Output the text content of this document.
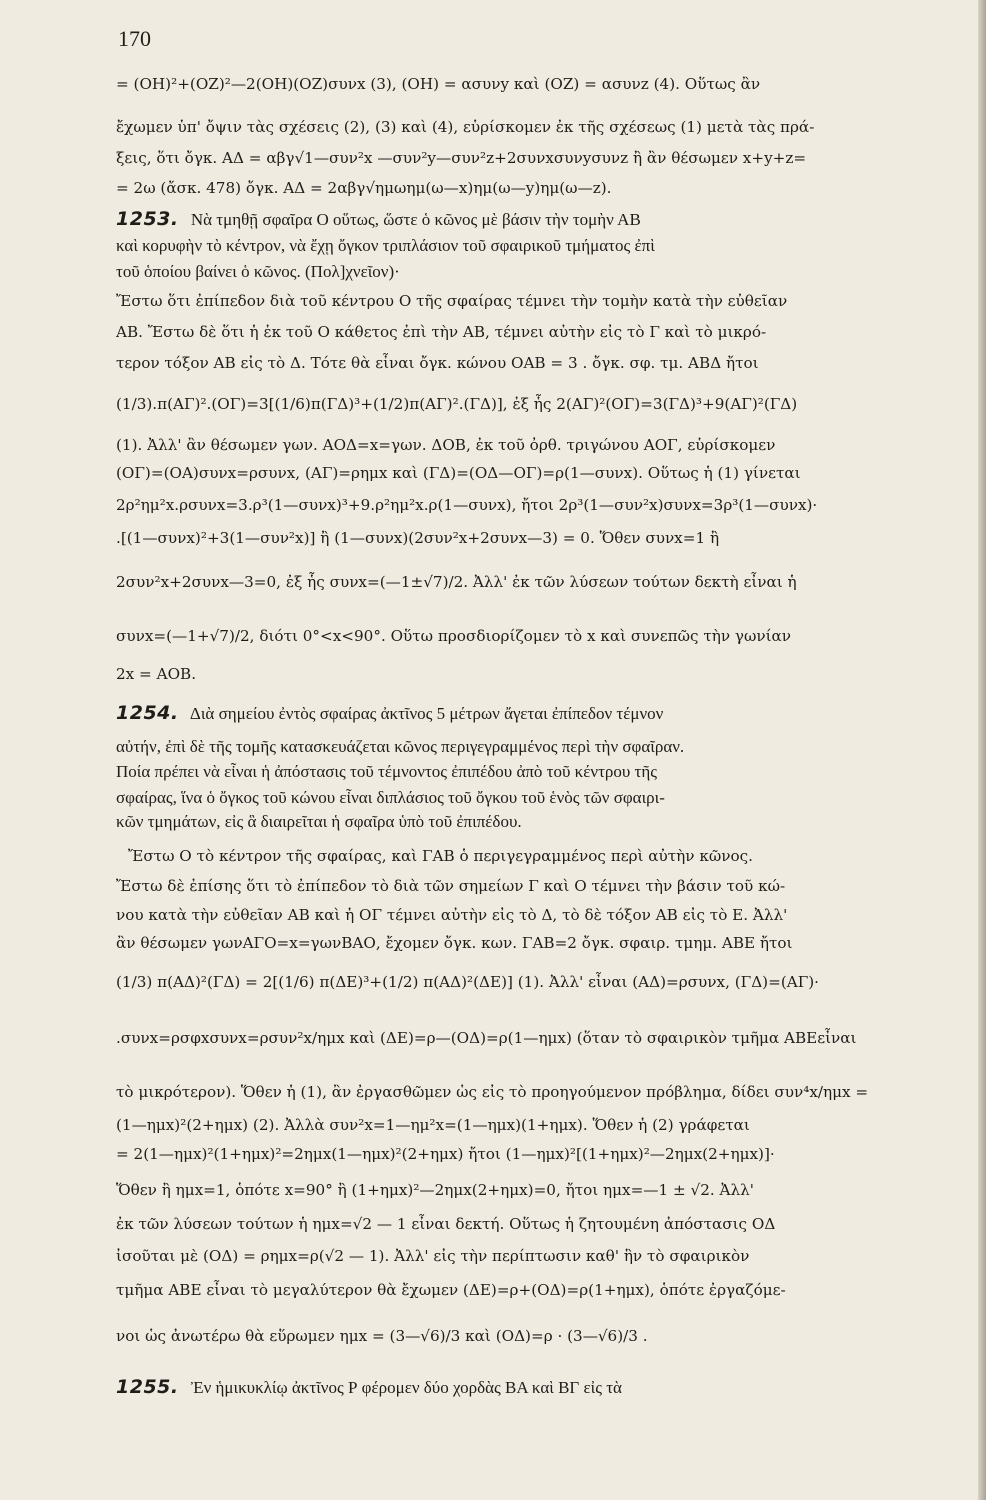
170
= (ΟΗ)²+(ΟΖ)²—2(ΟΗ)(ΟΖ)συνx (3), (ΟΗ) = ασυνy καὶ (ΟΖ) = ασυνz (4). Οὕτως ἂν
ἔχωμεν ὑπ' ὄψιν τὰς σχέσεις (2), (3) καὶ (4), εὑρίσκομεν ἐκ τῆς σχέσεως (1) μετὰ τὰς πρά-
ξεις, ὅτι ὄγκ. ΑΔ = αβγ√1—συν²x —συν²y—συν²z+2συνxσυνyσυνz ἢ ἂν θέσωμεν x+y+z=
= 2ω (ἄσκ. 478) ὄγκ. ΑΔ = 2αβγ√ημωημ(ω—x)ημ(ω—y)ημ(ω—z).
1253. Νὰ τμηθῇ σφαῖρα Ο οὕτως, ὥστε ὁ κῶνος μὲ βάσιν τὴν τομὴν ΑΒ
καὶ κορυφὴν τὸ κέντρον, νὰ ἔχῃ ὄγκον τριπλάσιον τοῦ σφαιρικοῦ τμήματος ἐπὶ
τοῦ ὁποίου βαίνει ὁ κῶνος. (Πολ]χνεῖον)·
Ἔστω ὅτι ἐπίπεδον διὰ τοῦ κέντρου Ο τῆς σφαίρας τέμνει τὴν τομὴν κατὰ τὴν εὐθεῖαν
ΑΒ. Ἔστω δὲ ὅτι ἡ ἐκ τοῦ Ο κάθετος ἐπὶ τὴν ΑΒ, τέμνει αὐτὴν εἰς τὸ Γ καὶ τὸ μικρό-
τερον τόξον ΑΒ εἰς τὸ Δ. Τότε θὰ εἶναι ὄγκ. κώνου ΟΑΒ = 3 . ὄγκ. σφ. τμ. ΑΒΔ ἤτοι
(1/3).π(ΑΓ)².(ΟΓ)=3[(1/6)π(ΓΔ)³+(1/2)π(ΑΓ)².(ΓΔ)], ἐξ ἧς 2(ΑΓ)²(ΟΓ)=3(ΓΔ)³+9(ΑΓ)²(ΓΔ)
(1). Ἀλλ' ἂν θέσωμεν γων. ΑΟΔ=x=γων. ΔΟΒ, ἐκ τοῦ ὀρθ. τριγώνου ΑΟΓ, εὑρίσκομεν
(ΟΓ)=(ΟΑ)συνx=ρσυνx, (ΑΓ)=ρημx καὶ (ΓΔ)=(ΟΔ—ΟΓ)=ρ(1—συνx). Οὕτως ἡ (1) γίνεται
2ρ²ημ²x.ρσυνx=3.ρ³(1—συνx)³+9.ρ²ημ²x.ρ(1—συνx), ἤτοι 2ρ³(1—συν²x)συνx=3ρ³(1—συνx)·
.[(1—συνx)²+3(1—συν²x)] ἢ (1—συνx)(2συν²x+2συνx—3) = 0. Ὅθεν συνx=1 ἢ
2συν²x+2συνx—3=0, ἐξ ἧς συνx=(—1±√7)/2. Ἀλλ' ἐκ τῶν λύσεων τούτων δεκτὴ εἶναι ἡ
συνx=(—1+√7)/2, διότι 0°<x<90°. Οὕτω προσδιορίζομεν τὸ x καὶ συνεπῶς τὴν γωνίαν
2x = ΑΟΒ.
1254. Διὰ σημείου ἐντὸς σφαίρας ἀκτῖνος 5 μέτρων ἄγεται ἐπίπεδον τέμνον
αὐτήν, ἐπὶ δὲ τῆς τομῆς κατασκευάζεται κῶνος περιγεγραμμένος περὶ τὴν σφαῖραν.
Ποία πρέπει νὰ εἶναι ἡ ἀπόστασις τοῦ τέμνοντος ἐπιπέδου ἀπὸ τοῦ κέντρου τῆς
σφαίρας, ἵνα ὁ ὄγκος τοῦ κώνου εἶναι διπλάσιος τοῦ ὄγκου τοῦ ἑνὸς τῶν σφαιρι-
κῶν τμημάτων, εἰς ἃ διαιρεῖται ἡ σφαῖρα ὑπὸ τοῦ ἐπιπέδου.
Ἔστω Ο τὸ κέντρον τῆς σφαίρας, καὶ ΓΑΒ ὁ περιγεγραμμένος περὶ αὐτὴν κῶνος.
Ἔστω δὲ ἐπίσης ὅτι τὸ ἐπίπεδον τὸ διὰ τῶν σημείων Γ καὶ Ο τέμνει τὴν βάσιν τοῦ κώ-
νου κατὰ τὴν εὐθεῖαν ΑΒ καὶ ἡ ΟΓ τέμνει αὐτὴν εἰς τὸ Δ, τὸ δὲ τόξον ΑΒ εἰς τὸ Ε. Ἀλλ'
ἂν θέσωμεν γωνΑΓΟ=x=γωνΒΑΟ, ἔχομεν ὄγκ. κων. ΓΑΒ=2 ὄγκ. σφαιρ. τμημ. ΑΒΕ ἤτοι
(1/3) π(ΑΔ)²(ΓΔ) = 2[(1/6) π(ΔΕ)³+(1/2) π(ΑΔ)²(ΔΕ)] (1). Ἀλλ' εἶναι (ΑΔ)=ρσυνx, (ΓΔ)=(ΑΓ)·
.συνx=ρσφxσυνx=ρσυν²x/ημx καὶ (ΔΕ)=ρ—(ΟΔ)=ρ(1—ημx) (ὅταν τὸ σφαιρικὸν τμῆμα ΑΒΕεἶναι
τὸ μικρότερον). Ὅθεν ἡ (1), ἂν ἐργασθῶμεν ὡς εἰς τὸ προηγούμενον πρόβλημα, δίδει συν⁴x/ημx =
(1—ημx)²(2+ημx) (2). Ἀλλὰ συν²x=1—ημ²x=(1—ημx)(1+ημx). Ὅθεν ἡ (2) γράφεται
= 2(1—ημx)²(1+ημx)²=2ημx(1—ημx)²(2+ημx) ἤτοι (1—ημx)²[(1+ημx)²—2ημx(2+ημx)]·
Ὅθεν ἢ ημx=1, ὁπότε x=90° ἢ (1+ημx)²—2ημx(2+ημx)=0, ἤτοι ημx=—1 ± √2. Ἀλλ'
ἐκ τῶν λύσεων τούτων ἡ ημx=√2 — 1 εἶναι δεκτή. Οὕτως ἡ ζητουμένη ἀπόστασις ΟΔ
ἰσοῦται μὲ (ΟΔ) = ρημx=ρ(√2 — 1). Ἀλλ' εἰς τὴν περίπτωσιν καθ' ἣν τὸ σφαιρικὸν
τμῆμα ΑΒΕ εἶναι τὸ μεγαλύτερον θὰ ἔχωμεν (ΔΕ)=ρ+(ΟΔ)=ρ(1+ημx), ὁπότε ἐργαζόμε-
νοι ὡς ἀνωτέρω θὰ εὕρωμεν ημx = (3—√6)/3 καὶ (ΟΔ)=ρ · (3—√6)/3 .
1255. Ἐν ἡμικυκλίῳ ἀκτῖνος Ρ φέρομεν δύο χορδὰς ΒΑ καὶ ΒΓ εἰς τὰ
